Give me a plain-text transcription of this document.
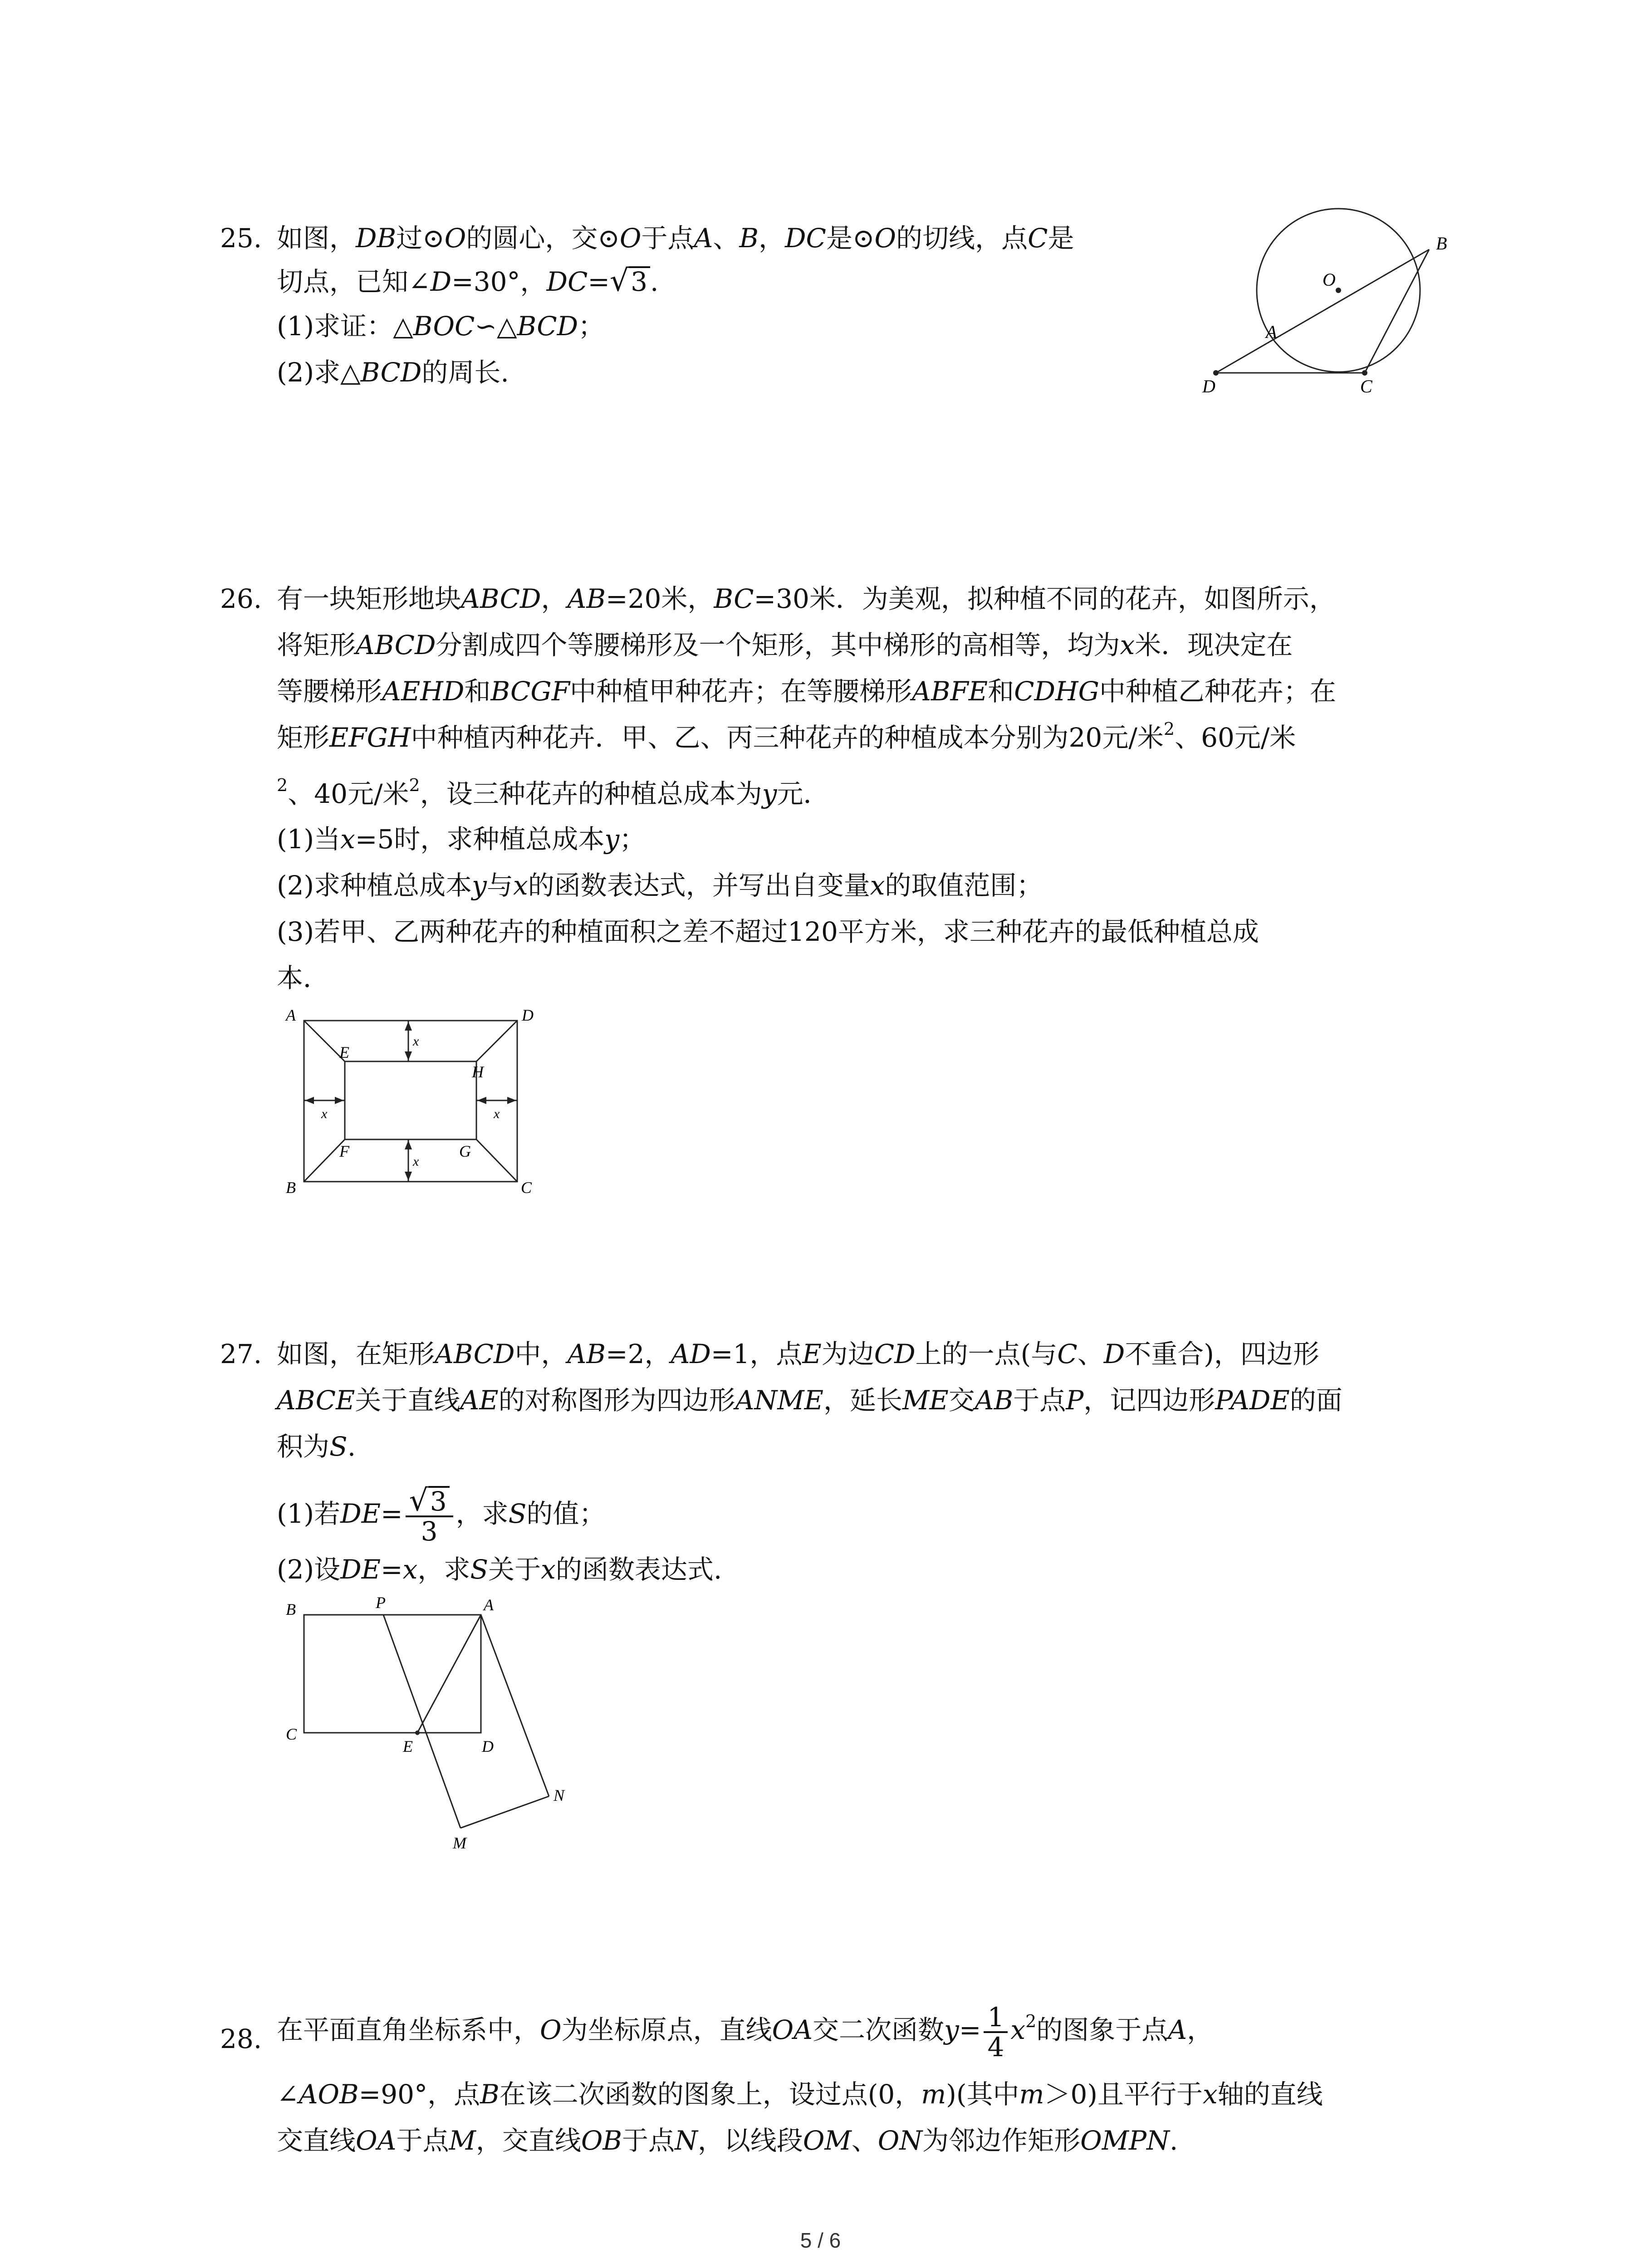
25. 如图，DB过⊙O的圆心，交⊙O于点A、B，DC是⊙O的切线，点C是
切点，已知∠D=30°，DC=√3 .
(1)求证：△BOC∽△BCD；
(2)求△BCD的周长.
B
O
A
D	C
26. 有一块矩形地块ABCD，AB=20米，BC=30米．为美观，拟种植不同的花卉，如图所示，
将矩形ABCD分割成四个等腰梯形及一个矩形，其中梯形的高相等，均为x米．现决定在
等腰梯形AEHD和BCGF中种植甲种花卉；在等腰梯形ABFE和CDHG中种植乙种花卉；在
矩形EFGH中种植丙种花卉．甲、乙、丙三种花卉的种植成本分别为20元/米$^2$、60元/米
$^2$、40元/米$^2$，设三种花卉的种植总成本为y元．
(1)当x=5时，求种植总成本y；
(2)求种植总成本y与x的函数表达式，并写出自变量x的取值范围；
(3)若甲、乙两种花卉的种植面积之差不超过120平方米，求三种花卉的最低种植总成
本．
A	D
E
H
F	G
B	C
x
x
x	x
27. 如图，在矩形ABCD中，AB=2，AD=1，点E为边CD上的一点(与C、D不重合)，四边形
ABCE关于直线AE的对称图形为四边形ANME，延长ME交AB于点P，记四边形PADE的面
积为S.
(1)若$DE= \frac{√3}{3}$ ，求S的值；
(2)设DE=x，求S关于x的函数表达式.
B	P	A
C
E	D
N
M
28. 在平面直角坐标系中，O为坐标原点，直线OA交二次函数$y= \frac{1}{4} x^2$的图象于点A，
∠AOB=90°，点B在该二次函数的图象上，设过点(0，m)(其中m＞0)且平行于x轴的直线
交直线OA于点M，交直线OB于点N，以线段OM、ON为邻边作矩形OMPN.
5 / 6
